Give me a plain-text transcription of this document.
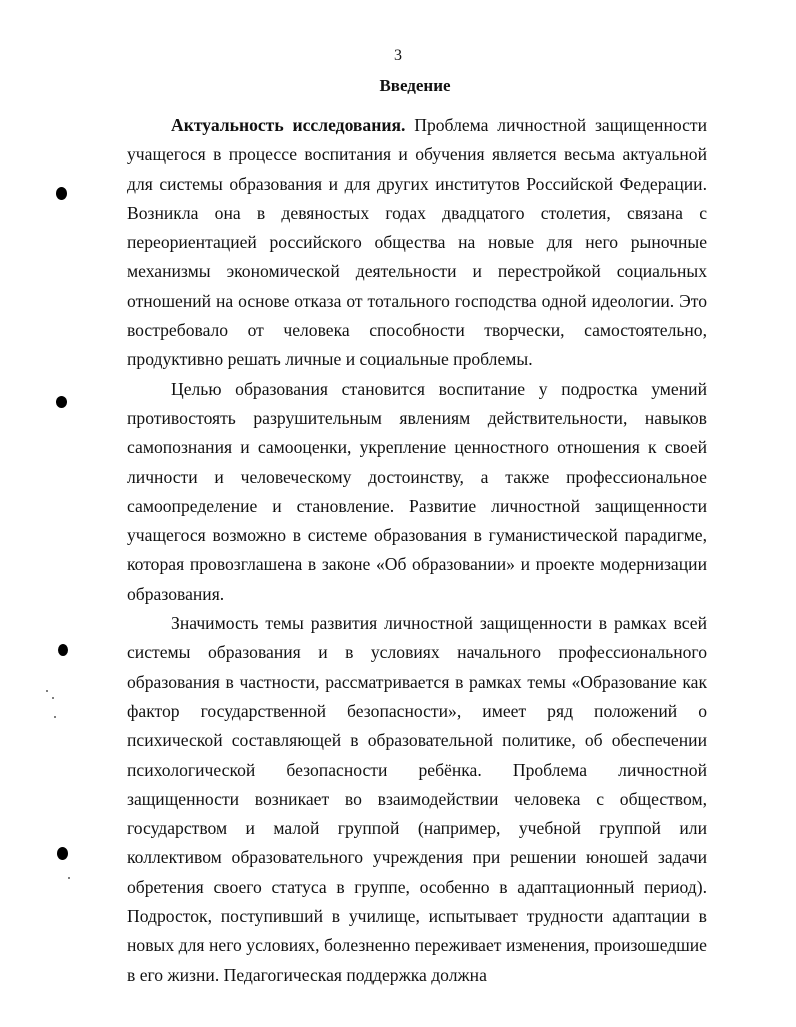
3
Введение

Актуальность исследования. Проблема личностной защищенности учащегося в процессе воспитания и обучения является весьма актуальной для системы образования и для других институтов Российской Федерации. Возникла она в девяностых годах двадцатого столетия, связана с переориентацией российского общества на новые для него рыночные механизмы экономической деятельности и перестройкой социальных отношений на основе отказа от тотального господства одной идеологии. Это востребовало от человека способности творчески, самостоятельно, продуктивно решать личные и социальные проблемы.

Целью образования становится воспитание у подростка умений противостоять разрушительным явлениям действительности, навыков самопознания и самооценки, укрепление ценностного отношения к своей личности и человеческому достоинству, а также профессиональное самоопределение и становление. Развитие личностной защищенности учащегося возможно в системе образования в гуманистической парадигме, которая провозглашена в законе «Об образовании» и проекте модернизации образования.

Значимость темы развития личностной защищенности в рамках всей системы образования и в условиях начального профессионального образования в частности, рассматривается в рамках темы «Образование как фактор государственной безопасности», имеет ряд положений о психической составляющей в образовательной политике, об обеспечении психологической безопасности ребёнка. Проблема личностной защищенности возникает во взаимодействии человека с обществом, государством и малой группой (например, учебной группой или коллективом образовательного учреждения при решении юношей задачи обретения своего статуса в группе, особенно в адаптационный период). Подросток, поступивший в училище, испытывает трудности адаптации в новых для него условиях, болезненно переживает изменения, произошедшие в его жизни. Педагогическая поддержка должна
